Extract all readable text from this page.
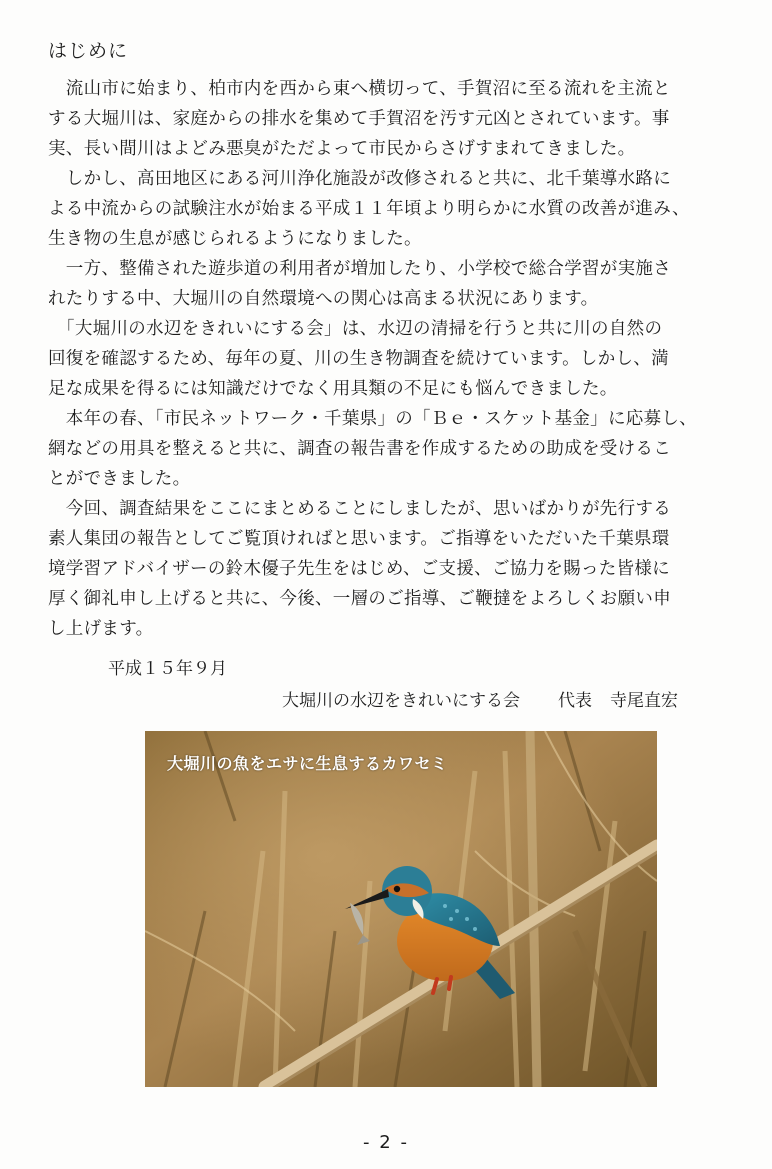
はじめに
　流山市に始まり、柏市内を西から東へ横切って、手賀沼に至る流れを主流と
する大堀川は、家庭からの排水を集めて手賀沼を汚す元凶とされています。事
実、長い間川はよどみ悪臭がただよって市民からさげすまれてきました。
　しかし、高田地区にある河川浄化施設が改修されると共に、北千葉導水路に
よる中流からの試験注水が始まる平成１１年頃より明らかに水質の改善が進み、
生き物の生息が感じられるようになりました。
　一方、整備された遊歩道の利用者が増加したり、小学校で総合学習が実施さ
れたりする中、大堀川の自然環境への関心は高まる状況にあります。
　「大堀川の水辺をきれいにする会」は、水辺の清掃を行うと共に川の自然の
回復を確認するため、毎年の夏、川の生き物調査を続けています。しかし、満
足な成果を得るには知識だけでなく用具類の不足にも悩んできました。
　本年の春、「市民ネットワーク・千葉県」の「Ｂｅ・スケット基金」に応募し、
網などの用具を整えると共に、調査の報告書を作成するための助成を受けるこ
とができました。
　今回、調査結果をここにまとめることにしましたが、思いばかりが先行する
素人集団の報告としてご覧頂ければと思います。ご指導をいただいた千葉県環
境学習アドバイザーの鈴木優子先生をはじめ、ご支援、ご協力を賜った皆様に
厚く御礼申し上げると共に、今後、一層のご指導、ご鞭撻をよろしくお願い申
し上げます。
平成１５年９月
大堀川の水辺をきれいにする会 代表 寺尾直宏
大堀川の魚をエサに生息するカワセミ
- 2 -
